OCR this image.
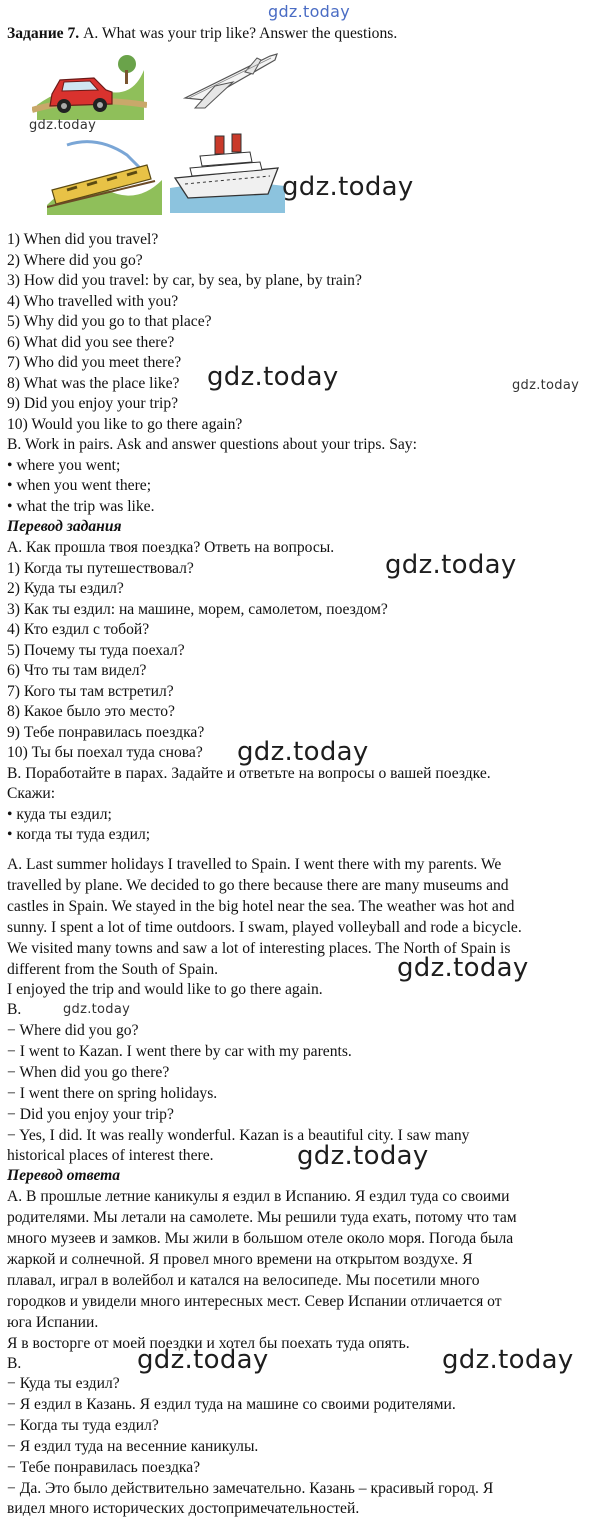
gdz.today
Задание 7. A. What was your trip like? Answer the questions.
gdz.today
gdz.today
1) When did you travel?
2) Where did you go?
3) How did you travel: by car, by sea, by plane, by train?
4) Who travelled with you?
5) Why did you go to that place?
6) What did you see there?
7) Who did you meet there?
8) What was the place like?
9) Did you enjoy your trip?
10) Would you like to go there again?
B. Work in pairs. Ask and answer questions about your trips. Say:
• where you went;
• when you went there;
• what the trip was like.
gdz.today	gdz.today
Перевод задания
А. Как прошла твоя поездка? Ответь на вопросы.
1) Когда ты путешествовал?
2) Куда ты ездил?
3) Как ты ездил: на машине, морем, самолетом, поездом?
4) Кто ездил с тобой?
5) Почему ты туда поехал?
6) Что ты там видел?
7) Кого ты там встретил?
8) Какое было это место?
9) Тебе понравилась поездка?
10) Ты бы поехал туда снова?
В. Поработайте в парах. Задайте и ответьте на вопросы о вашей поездке.
Скажи:
• куда ты ездил;
• когда ты туда ездил;
gdz.today
gdz.today
A. Last summer holidays I travelled to Spain. I went there with my parents. We
travelled by plane. We decided to go there because there are many museums and
castles in Spain. We stayed in the big hotel near the sea. The weather was hot and
sunny. I spent a lot of time outdoors. I swam, played volleyball and rode a bicycle.
We visited many towns and saw a lot of interesting places. The North of Spain is
different from the South of Spain.
I enjoyed the trip and would like to go there again.
B.
− Where did you go?
− I went to Kazan. I went there by car with my parents.
− When did you go there?
− I went there on spring holidays.
− Did you enjoy your trip?
− Yes, I did. It was really wonderful. Kazan is a beautiful city. I saw many
historical places of interest there.
gdz.today
gdz.today
gdz.today
Перевод ответа
А. В прошлые летние каникулы я ездил в Испанию. Я ездил туда со своими
родителями. Мы летали на самолете. Мы решили туда ехать, потому что там
много музеев и замков. Мы жили в большом отеле около моря. Погода была
жаркой и солнечной. Я провел много времени на открытом воздухе. Я
плавал, играл в волейбол и катался на велосипеде. Мы посетили много
городков и увидели много интересных мест. Север Испании отличается от
юга Испании.
Я в восторге от моей поездки и хотел бы поехать туда опять.
В.
− Куда ты ездил?
− Я ездил в Казань. Я ездил туда на машине со своими родителями.
− Когда ты туда ездил?
− Я ездил туда на весенние каникулы.
− Тебе понравилась поездка?
− Да. Это было действительно замечательно. Казань – красивый город. Я
видел много исторических достопримечательностей.
gdz.today	gdz.today
